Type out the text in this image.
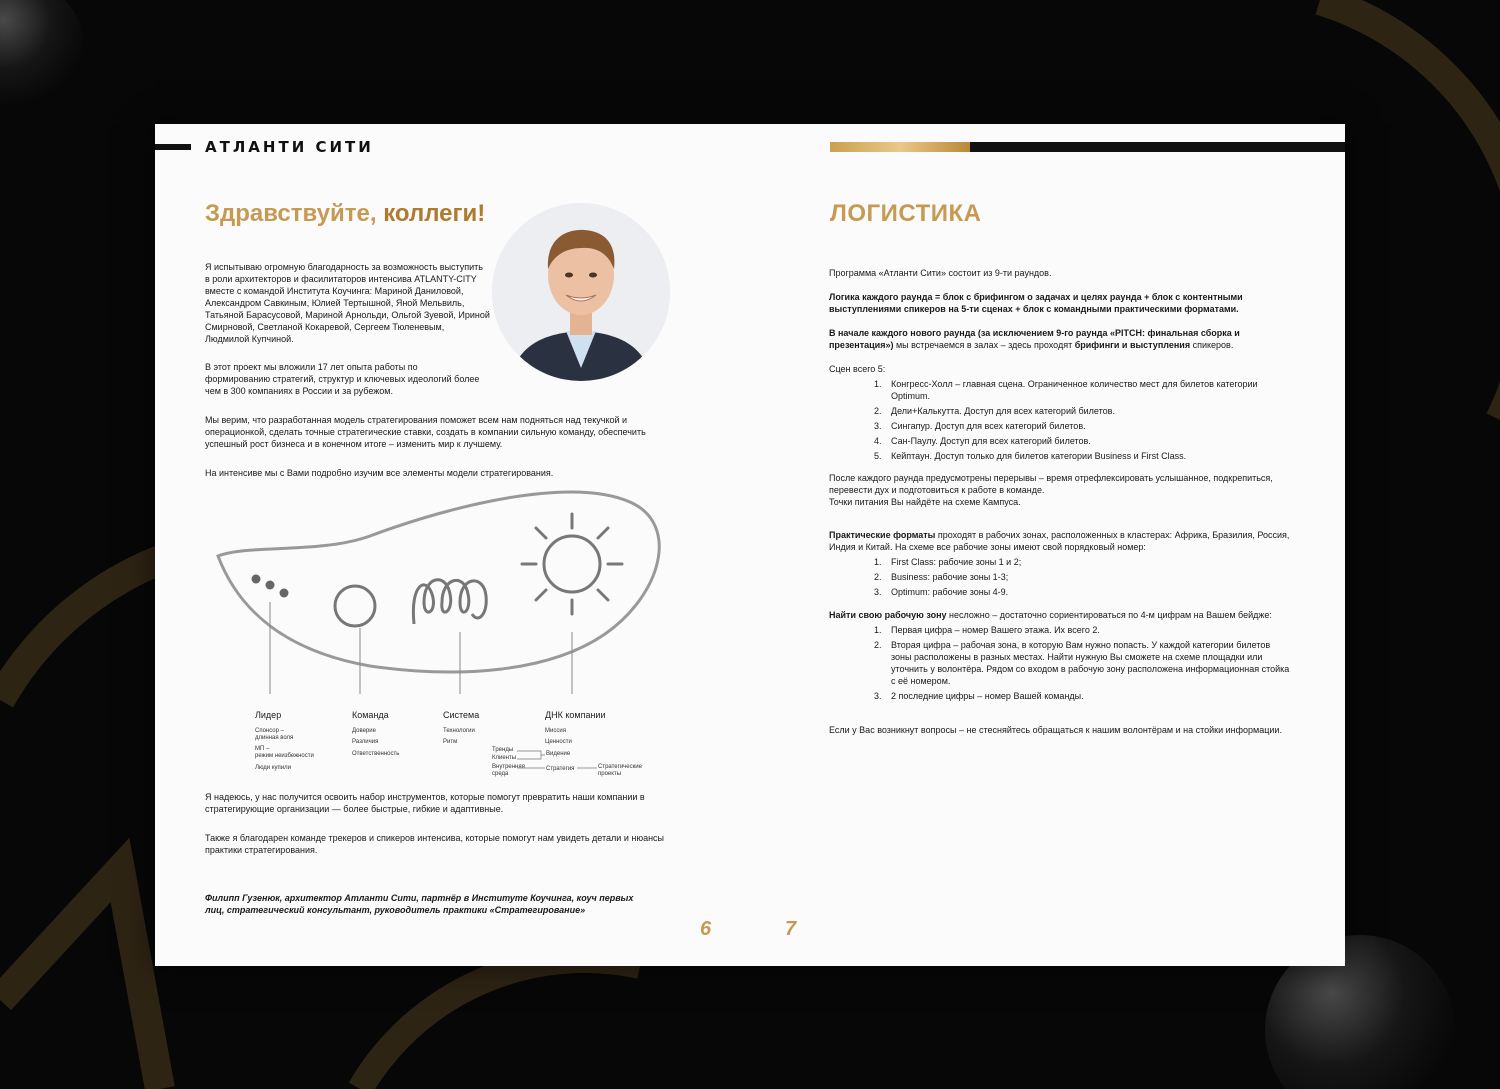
АТЛАНТИ СИТИ
Здравствуйте, коллеги!
Я испытываю огромную благодарность за возможность выступить в роли архитекторов и фасилитаторов интенсива ATLANTY-CITY вместе с командой Института Коучинга: Мариной Даниловой, Александром Савкиным, Юлией Тертышной, Яной Мельвиль, Татьяной Барасусовой, Мариной Арнольди, Ольгой Зуевой, Ириной Смирновой, Светланой Кокаревой, Сергеем Тюленевым, Людмилой Купчиной.
В этот проект мы вложили 17 лет опыта работы по формированию стратегий, структур и ключевых идеологий более чем в 300 компаниях в России и за рубежом.
Мы верим, что разработанная модель стратегирования поможет всем нам подняться над текучкой и операционкой, сделать точные стратегические ставки, создать в компании сильную команду, обеспечить успешный рост бизнеса и в конечном итоге – изменить мир к лучшему.
На интенсиве мы с Вами подробно изучим все элементы модели стратегирования.
Лидер
Спонсор –
длинная воля
МП –
режим неизбежности
Люди купили
Команда
Доверие
Различия
Ответственность
Система
Технологии
Ритм
ДНК компании
Миссия
Ценности
Тренды
Клиенты
Видение
Внутренняя
среда
Стратегия	Стратегические
проекты
Я надеюсь, у нас получится освоить набор инструментов, которые помогут превратить наши компании в стратегирующие организации — более быстрые, гибкие и адаптивные.
Также я благодарен команде трекеров и спикеров интенсива, которые помогут нам увидеть детали и нюансы практики стратегирования.
Филипп Гузенюк, архитектор Атланти Сити, партнёр в Институте Коучинга, коуч первых лиц, стратегический консультант, руководитель практики «Стратегирование»
6
ЛОГИСТИКА
Программа «Атланти Сити» состоит из 9-ти раундов.
Логика каждого раунда = блок с брифингом о задачах и целях раунда + блок с контентными выступлениями спикеров на 5-ти сценах + блок с командными практическими форматами.
В начале каждого нового раунда (за исключением 9-го раунда «PITCH: финальная сборка и презентация») мы встречаемся в залах – здесь проходят брифинги и выступления спикеров.
Сцен всего 5:
1. Конгресс-Холл – главная сцена. Ограниченное количество мест для билетов категории Optimum.
2. Дели+Калькутта. Доступ для всех категорий билетов.
3. Сингапур. Доступ для всех категорий билетов.
4. Сан-Паулу. Доступ для всех категорий билетов.
5. Кейптаун. Доступ только для билетов категории Business и First Class.
После каждого раунда предусмотрены перерывы – время отрефлексировать услышанное, подкрепиться, перевести дух и подготовиться к работе в команде.
Точки питания Вы найдёте на схеме Кампуса.
Практические форматы проходят в рабочих зонах, расположенных в кластерах: Африка, Бразилия, Россия, Индия и Китай. На схеме все рабочие зоны имеют свой порядковый номер:
1. First Class: рабочие зоны 1 и 2;
2. Business: рабочие зоны 1-3;
3. Optimum: рабочие зоны 4-9.
Найти свою рабочую зону несложно – достаточно сориентироваться по 4-м цифрам на Вашем бейдже:
1. Первая цифра – номер Вашего этажа. Их всего 2.
2. Вторая цифра – рабочая зона, в которую Вам нужно попасть. У каждой категории билетов зоны расположены в разных местах. Найти нужную Вы сможете на схеме площадки или уточнить у волонтёра. Рядом со входом в рабочую зону расположена информационная стойка с её номером.
3. 2 последние цифры – номер Вашей команды.
Если у Вас возникнут вопросы – не стесняйтесь обращаться к нашим волонтёрам и на стойки информации.
7
